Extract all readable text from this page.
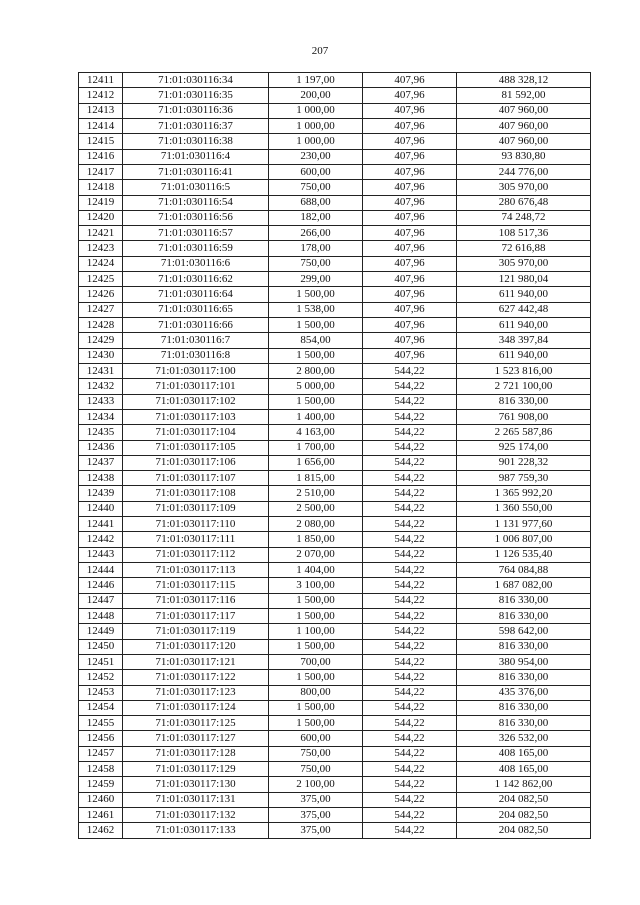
207
12411	71:01:030116:34	1 197,00	407,96	488 328,12
12412	71:01:030116:35	200,00	407,96	81 592,00
12413	71:01:030116:36	1 000,00	407,96	407 960,00
12414	71:01:030116:37	1 000,00	407,96	407 960,00
12415	71:01:030116:38	1 000,00	407,96	407 960,00
12416	71:01:030116:4	230,00	407,96	93 830,80
12417	71:01:030116:41	600,00	407,96	244 776,00
12418	71:01:030116:5	750,00	407,96	305 970,00
12419	71:01:030116:54	688,00	407,96	280 676,48
12420	71:01:030116:56	182,00	407,96	74 248,72
12421	71:01:030116:57	266,00	407,96	108 517,36
12423	71:01:030116:59	178,00	407,96	72 616,88
12424	71:01:030116:6	750,00	407,96	305 970,00
12425	71:01:030116:62	299,00	407,96	121 980,04
12426	71:01:030116:64	1 500,00	407,96	611 940,00
12427	71:01:030116:65	1 538,00	407,96	627 442,48
12428	71:01:030116:66	1 500,00	407,96	611 940,00
12429	71:01:030116:7	854,00	407,96	348 397,84
12430	71:01:030116:8	1 500,00	407,96	611 940,00
12431	71:01:030117:100	2 800,00	544,22	1 523 816,00
12432	71:01:030117:101	5 000,00	544,22	2 721 100,00
12433	71:01:030117:102	1 500,00	544,22	816 330,00
12434	71:01:030117:103	1 400,00	544,22	761 908,00
12435	71:01:030117:104	4 163,00	544,22	2 265 587,86
12436	71:01:030117:105	1 700,00	544,22	925 174,00
12437	71:01:030117:106	1 656,00	544,22	901 228,32
12438	71:01:030117:107	1 815,00	544,22	987 759,30
12439	71:01:030117:108	2 510,00	544,22	1 365 992,20
12440	71:01:030117:109	2 500,00	544,22	1 360 550,00
12441	71:01:030117:110	2 080,00	544,22	1 131 977,60
12442	71:01:030117:111	1 850,00	544,22	1 006 807,00
12443	71:01:030117:112	2 070,00	544,22	1 126 535,40
12444	71:01:030117:113	1 404,00	544,22	764 084,88
12446	71:01:030117:115	3 100,00	544,22	1 687 082,00
12447	71:01:030117:116	1 500,00	544,22	816 330,00
12448	71:01:030117:117	1 500,00	544,22	816 330,00
12449	71:01:030117:119	1 100,00	544,22	598 642,00
12450	71:01:030117:120	1 500,00	544,22	816 330,00
12451	71:01:030117:121	700,00	544,22	380 954,00
12452	71:01:030117:122	1 500,00	544,22	816 330,00
12453	71:01:030117:123	800,00	544,22	435 376,00
12454	71:01:030117:124	1 500,00	544,22	816 330,00
12455	71:01:030117:125	1 500,00	544,22	816 330,00
12456	71:01:030117:127	600,00	544,22	326 532,00
12457	71:01:030117:128	750,00	544,22	408 165,00
12458	71:01:030117:129	750,00	544,22	408 165,00
12459	71:01:030117:130	2 100,00	544,22	1 142 862,00
12460	71:01:030117:131	375,00	544,22	204 082,50
12461	71:01:030117:132	375,00	544,22	204 082,50
12462	71:01:030117:133	375,00	544,22	204 082,50
